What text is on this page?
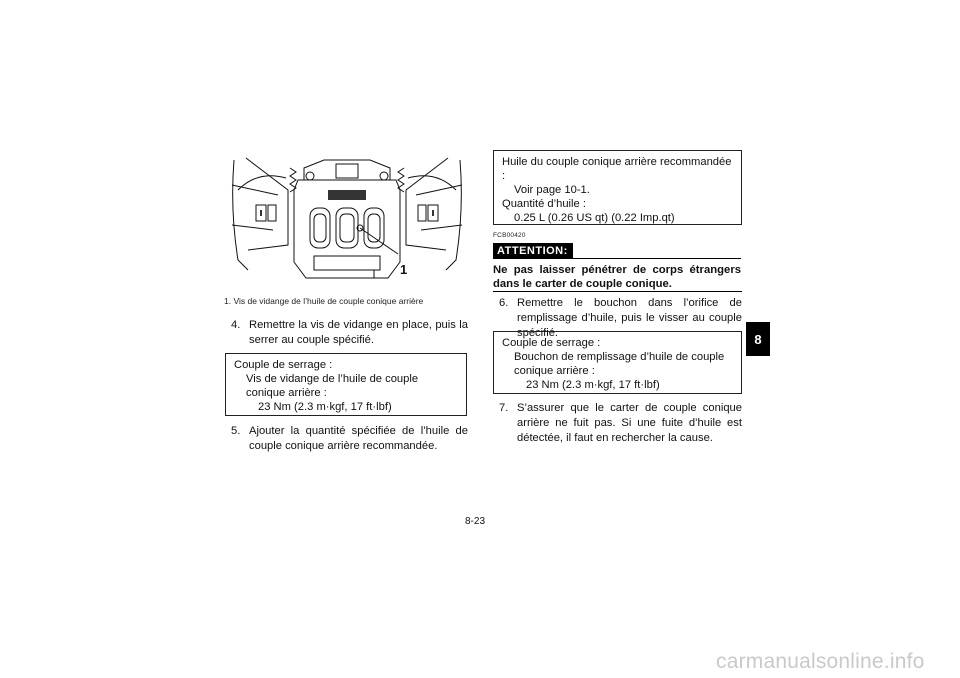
1
1. Vis de vidange de l’huile de couple conique arrière
4. Remettre la vis de vidange en place, puis la serrer au couple spécifié.
Couple de serrage :
Vis de vidange de l’huile de couple conique arrière :
23 Nm (2.3 m·kgf, 17 ft·lbf)
5. Ajouter la quantité spécifiée de l’huile de couple conique arrière recommandée.
Huile du couple conique arrière recommandée :
Voir page 10-1.
Quantité d’huile :
0.25 L (0.26 US qt) (0.22 Imp.qt)
FCB00420
ATTENTION:
Ne pas laisser pénétrer de corps étrangers dans le carter de couple conique.
6. Remettre le bouchon dans l’orifice de remplissage d’huile, puis le visser au couple spécifié.
Couple de serrage :
Bouchon de remplissage d’huile de couple conique arrière :
23 Nm (2.3 m·kgf, 17 ft·lbf)
7. S’assurer que le carter de couple conique arrière ne fuit pas. Si une fuite d’huile est détectée, il faut en rechercher la cause.
8
8-23
carmanualsonline.info
